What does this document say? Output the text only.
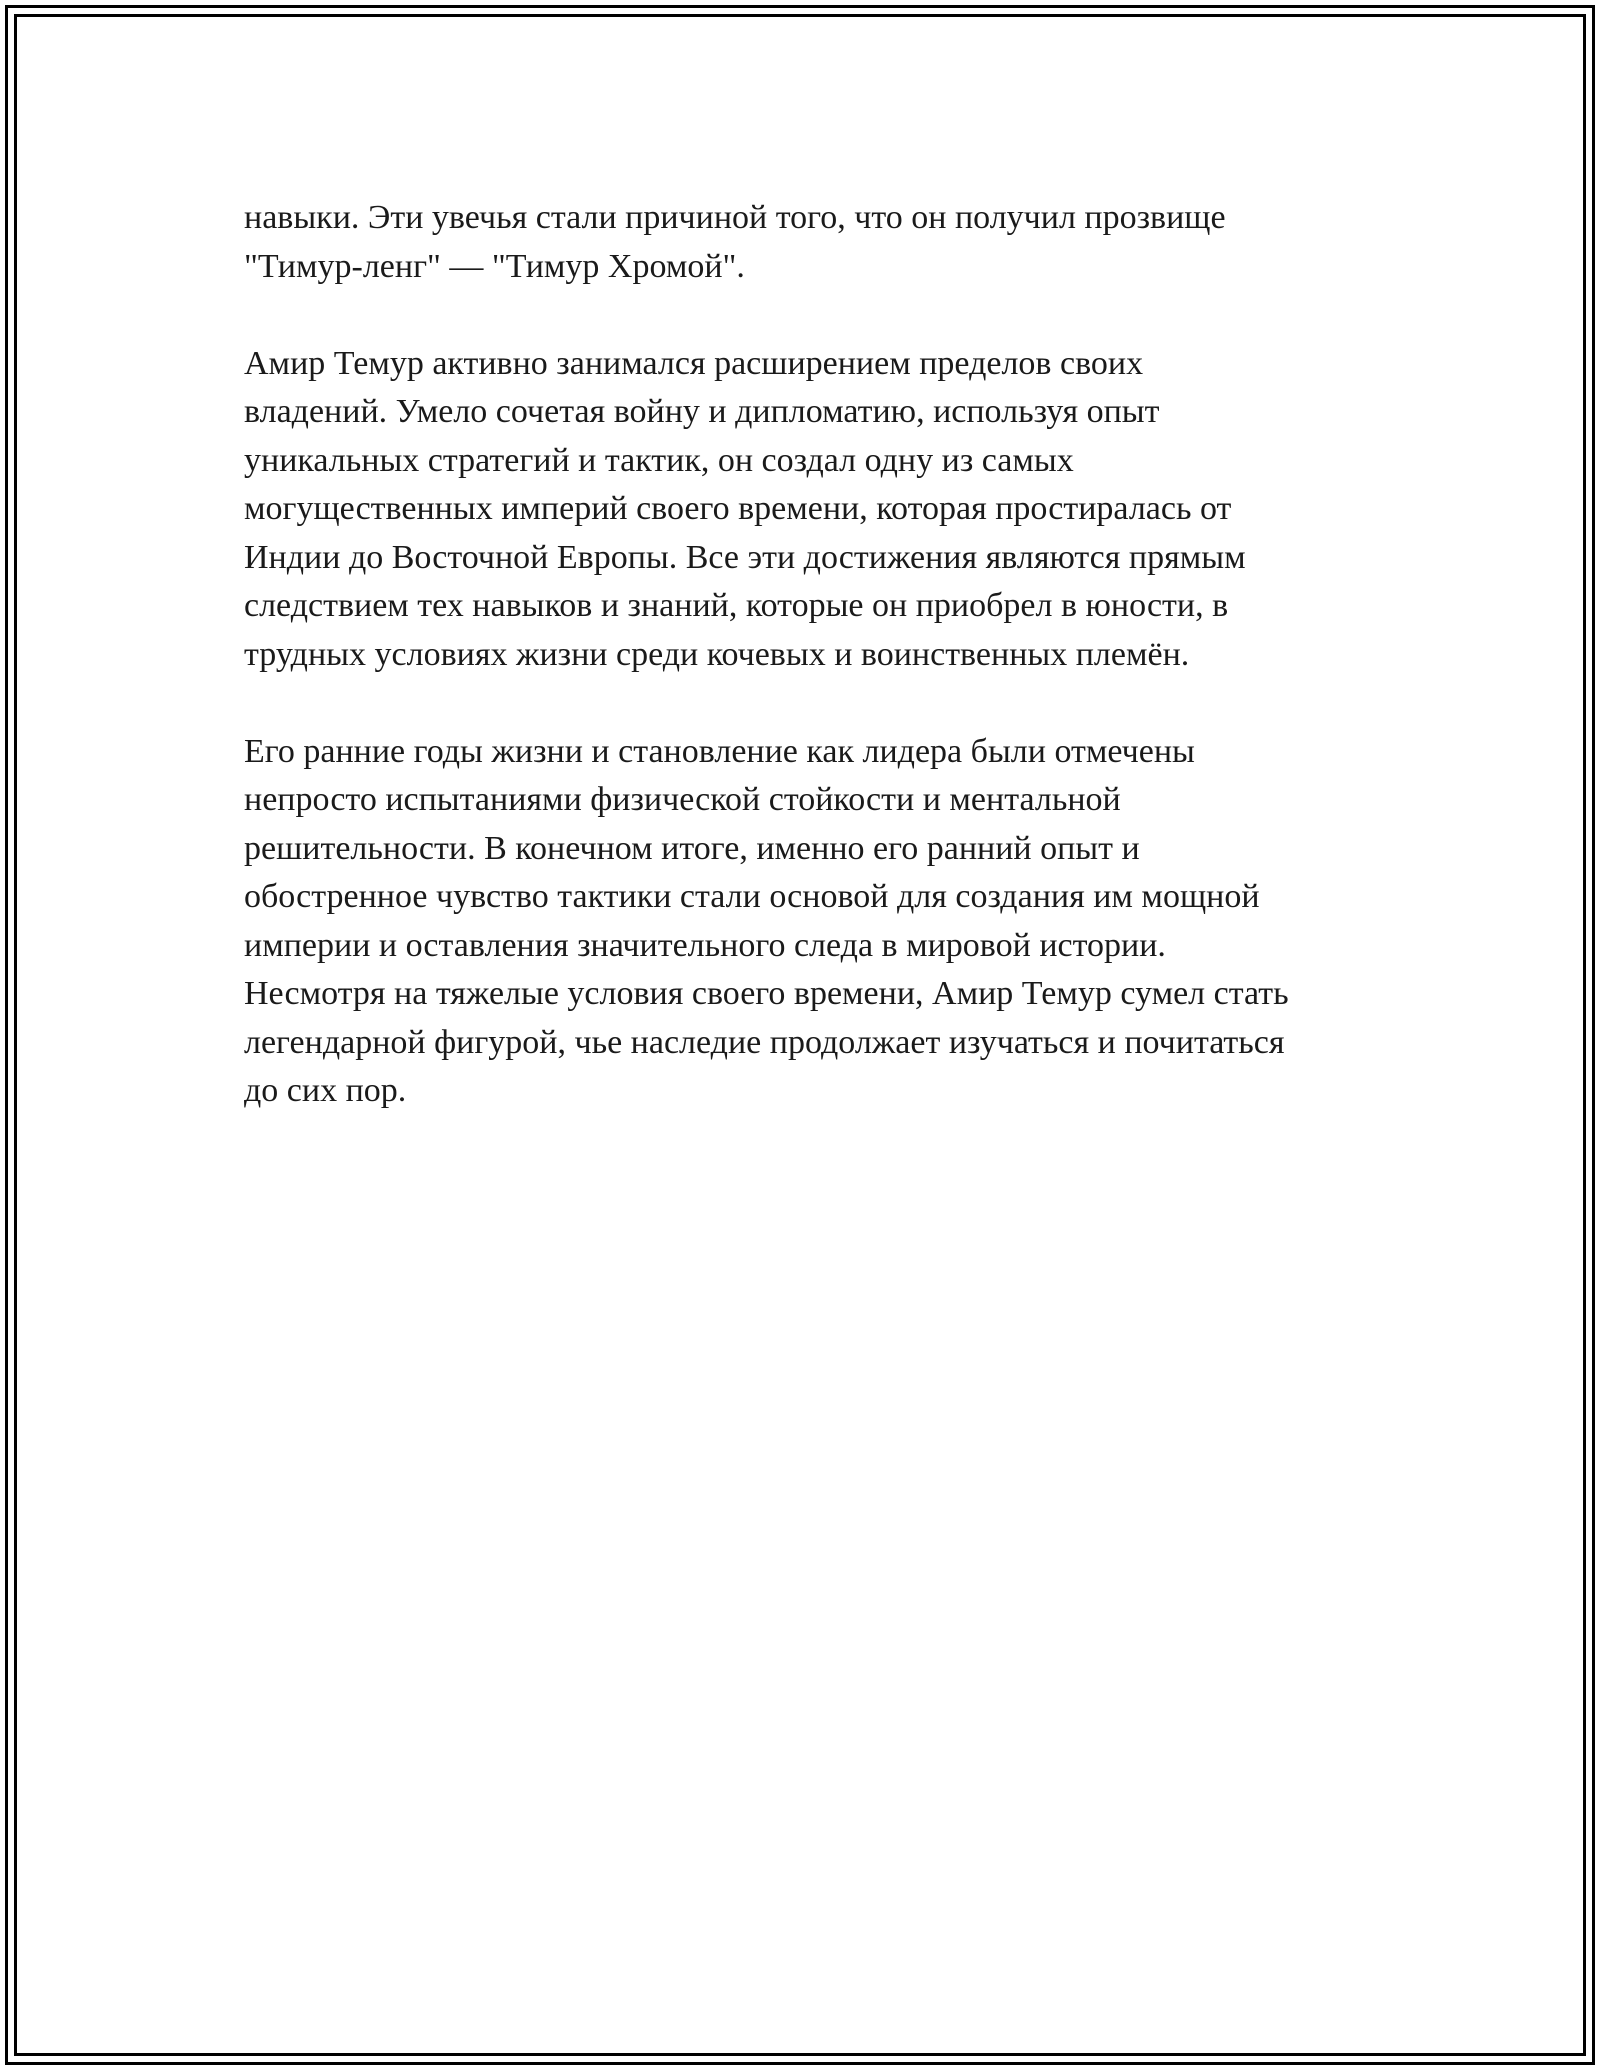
навыки. Эти увечья стали причиной того, что он получил прозвище
"Тимур-ленг" — "Тимур Хромой".

Амир Темур активно занимался расширением пределов своих
владений. Умело сочетая войну и дипломатию, используя опыт
уникальных стратегий и тактик, он создал одну из самых
могущественных империй своего времени, которая простиралась от
Индии до Восточной Европы. Все эти достижения являются прямым
следствием тех навыков и знаний, которые он приобрел в юности, в
трудных условиях жизни среди кочевых и воинственных племён.

Его ранние годы жизни и становление как лидера были отмечены
непросто испытаниями физической стойкости и ментальной
решительности. В конечном итоге, именно его ранний опыт и
обостренное чувство тактики стали основой для создания им мощной
империи и оставления значительного следа в мировой истории.
Несмотря на тяжелые условия своего времени, Амир Темур сумел стать
легендарной фигурой, чье наследие продолжает изучаться и почитаться
до сих пор.
